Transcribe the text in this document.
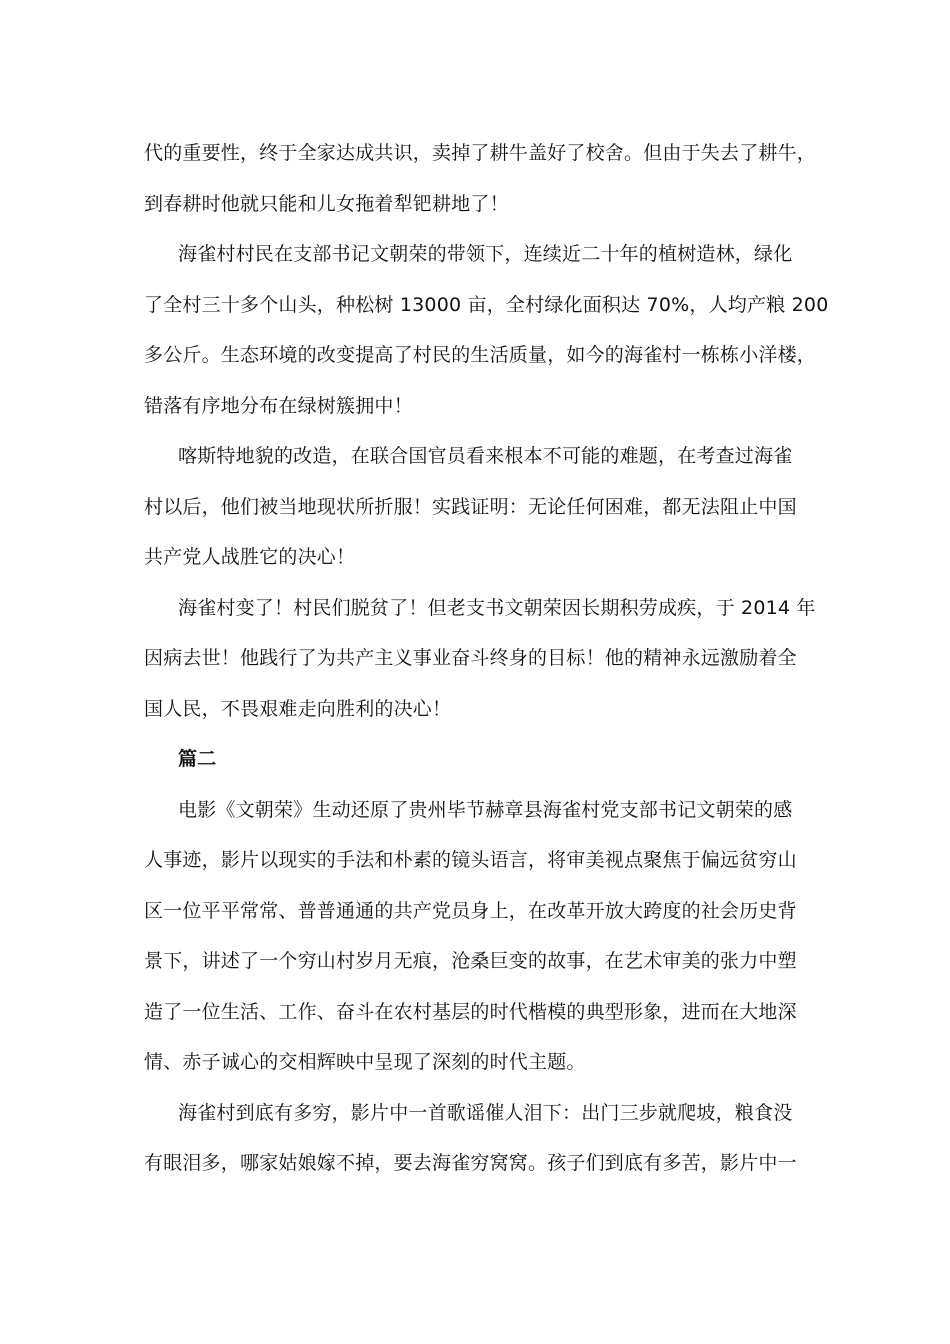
代的重要性，终于全家达成共识，卖掉了耕牛盖好了校舍。但由于失去了耕牛，
到春耕时他就只能和儿女拖着犁钯耕地了！
海雀村村民在支部书记文朝荣的带领下，连续近二十年的植树造林，绿化
了全村三十多个山头，种松树 13000 亩，全村绿化面积达 70%，人均产粮 200
多公斤。生态环境的改变提高了村民的生活质量，如今的海雀村一栋栋小洋楼，
错落有序地分布在绿树簇拥中！
喀斯特地貌的改造，在联合国官员看来根本不可能的难题，在考查过海雀
村以后，他们被当地现状所折服！实践证明：无论任何困难，都无法阻止中国
共产党人战胜它的决心！
海雀村变了！村民们脱贫了！但老支书文朝荣因长期积劳成疾，于 2014 年
因病去世！他践行了为共产主义事业奋斗终身的目标！他的精神永远激励着全
国人民，不畏艰难走向胜利的决心！
篇二
电影《文朝荣》生动还原了贵州毕节赫章县海雀村党支部书记文朝荣的感
人事迹，影片以现实的手法和朴素的镜头语言，将审美视点聚焦于偏远贫穷山
区一位平平常常、普普通通的共产党员身上，在改革开放大跨度的社会历史背
景下，讲述了一个穷山村岁月无痕，沧桑巨变的故事，在艺术审美的张力中塑
造了一位生活、工作、奋斗在农村基层的时代楷模的典型形象，进而在大地深
情、赤子诚心的交相辉映中呈现了深刻的时代主题。
海雀村到底有多穷，影片中一首歌谣催人泪下：出门三步就爬坡，粮食没
有眼泪多，哪家姑娘嫁不掉，要去海雀穷窝窝。孩子们到底有多苦，影片中一
